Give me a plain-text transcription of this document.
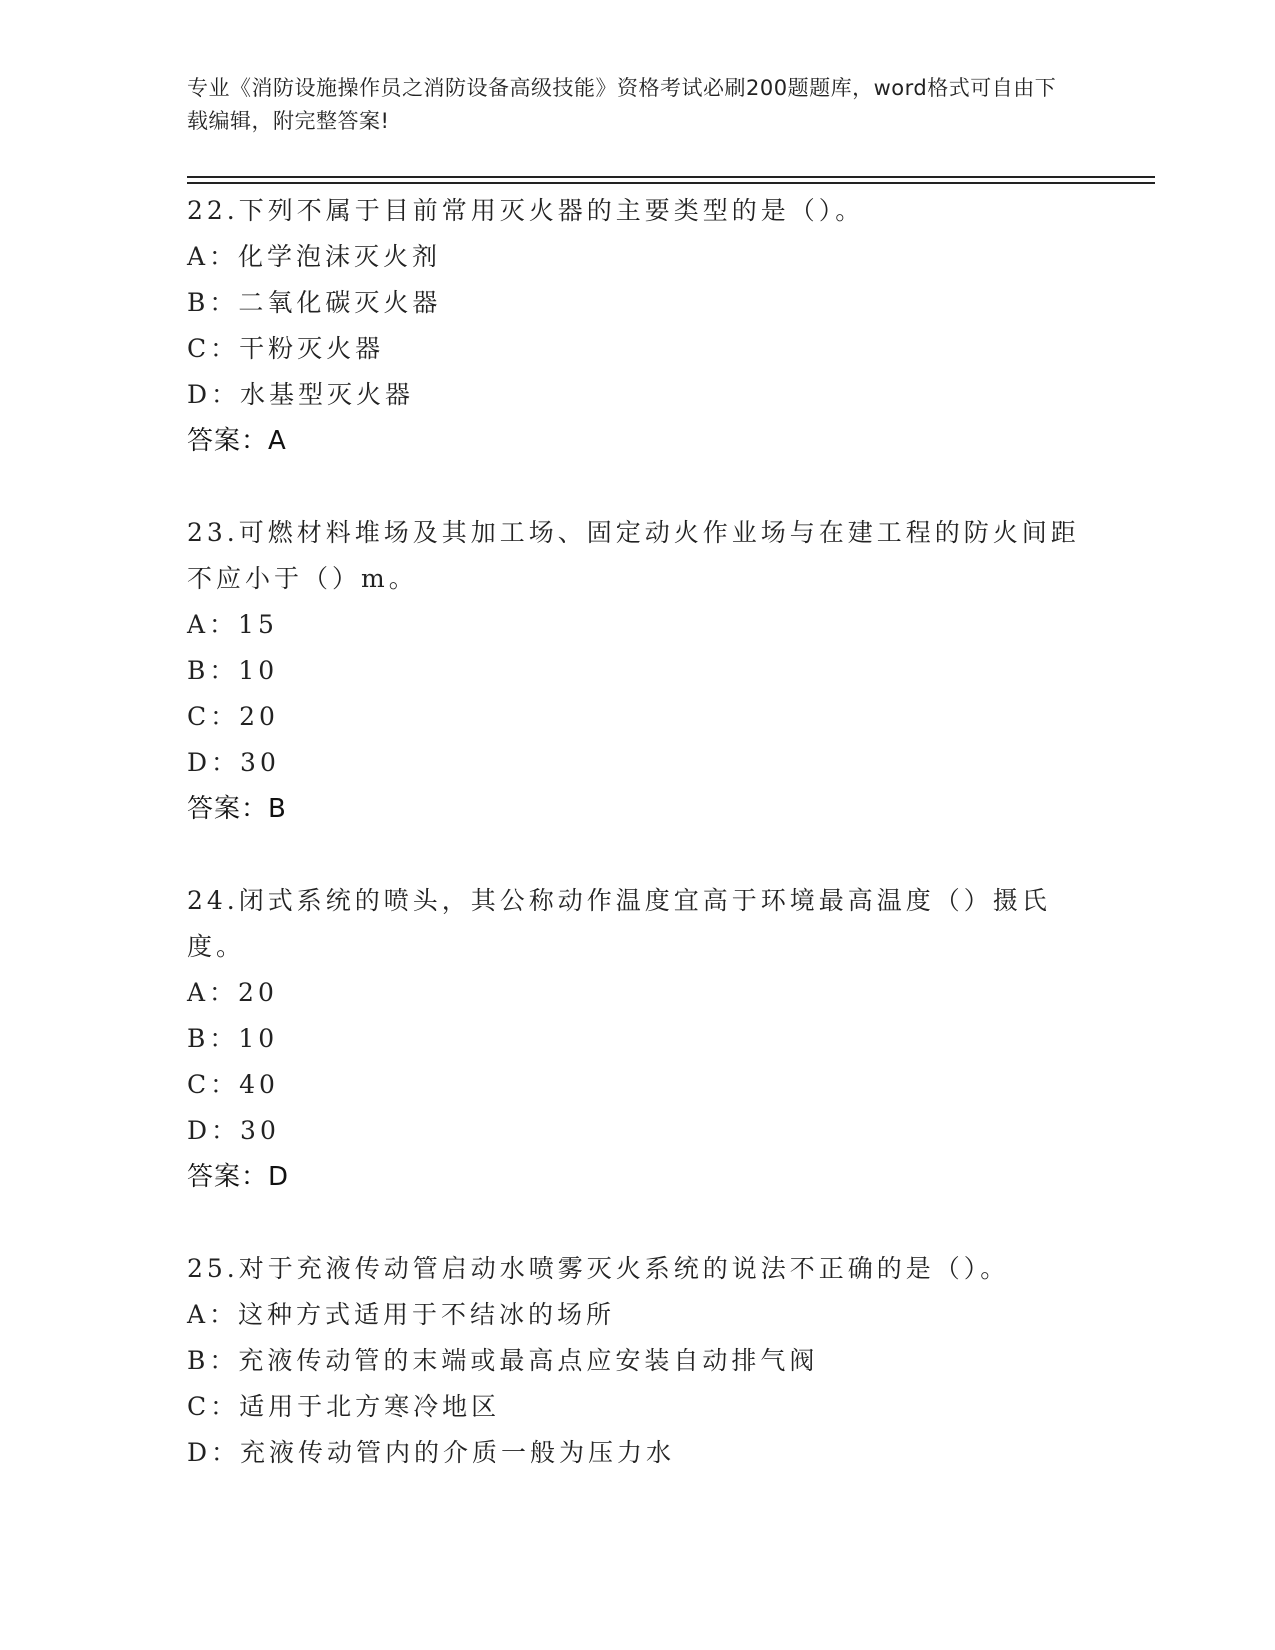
专业《消防设施操作员之消防设备高级技能》资格考试必刷200题题库，word格式可自由下载编辑，附完整答案!

22.下列不属于目前常用灭火器的主要类型的是（）。

A：化学泡沫灭火剂

B：二氧化碳灭火器

C：干粉灭火器

D：水基型灭火器

答案：A

23.可燃材料堆场及其加工场、固定动火作业场与在建工程的防火间距不应小于（）m。

A：15

B：10

C：20

D：30

答案：B

24.闭式系统的喷头，其公称动作温度宜高于环境最高温度（）摄氏度。

A：20

B：10

C：40

D：30

答案：D

25.对于充液传动管启动水喷雾灭火系统的说法不正确的是（）。

A：这种方式适用于不结冰的场所

B：充液传动管的末端或最高点应安装自动排气阀

C：适用于北方寒冷地区

D：充液传动管内的介质一般为压力水
